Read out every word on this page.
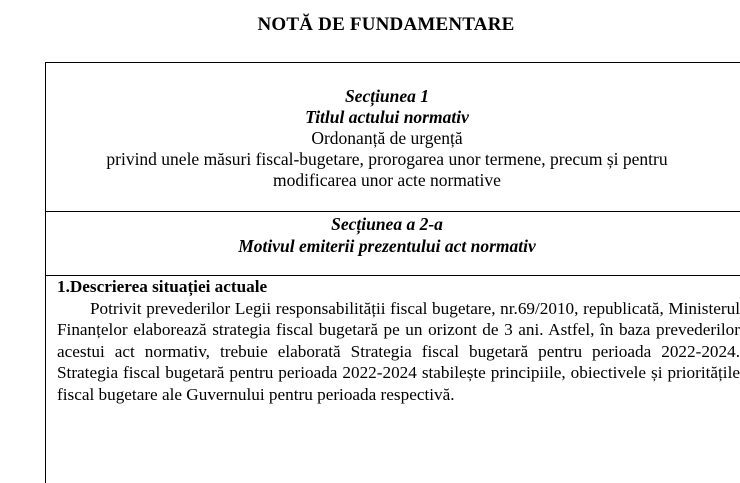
NOTĂ DE FUNDAMENTARE
Secțiunea 1
Titlul actului normativ
Ordonanță de urgență
privind unele măsuri fiscal-bugetare, prorogarea unor termene, precum și pentru
modificarea unor acte normative
Secțiunea a 2-a
Motivul emiterii prezentului act normativ
1.Descrierea situației actuale

Potrivit prevederilor Legii responsabilității fiscal bugetare, nr.69/2010, republicată, Ministerul Finanțelor elaborează strategia fiscal bugetară pe un orizont de 3 ani. Astfel, în baza prevederilor acestui act normativ, trebuie elaborată Strategia fiscal bugetară pentru perioada 2022-2024. Strategia fiscal bugetară pentru perioada 2022-2024 stabilește principiile, obiectivele și prioritățile fiscal bugetare ale Guvernului pentru perioada respectivă.
